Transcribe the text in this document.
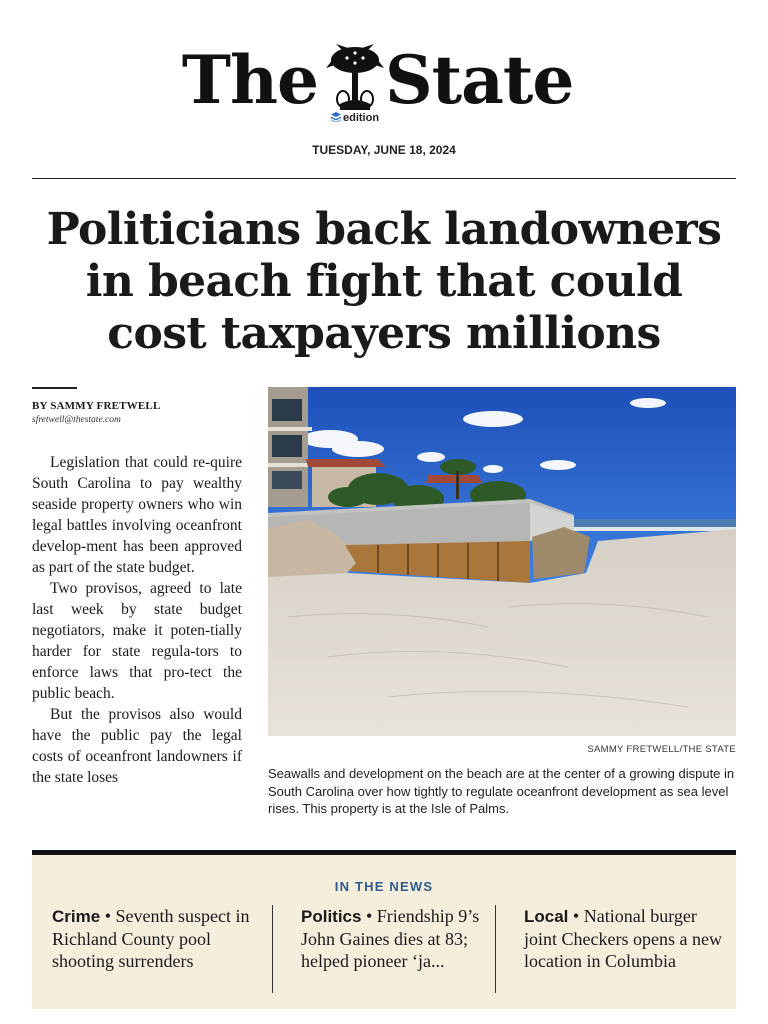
The State
edition
TUESDAY, JUNE 18, 2024
Politicians back landowners in beach fight that could cost taxpayers millions
BY SAMMY FRETWELL
sfretwell@thestate.com

Legislation that could re-quire South Carolina to pay wealthy seaside property owners who win legal battles involving oceanfront develop-ment has been approved as part of the state budget.

Two provisos, agreed to late last week by state budget negotiators, make it poten-tially harder for state regula-tors to enforce laws that pro-tect the public beach.

But the provisos also would have the public pay the legal costs of oceanfront landowners if the state loses

SAMMY FRETWELL/THE STATE

Seawalls and development on the beach are at the center of a growing dispute in South Carolina over how tightly to regulate oceanfront development as sea level rises. This property is at the Isle of Palms.

IN THE NEWS
Crime • Seventh suspect in Richland County pool shooting surrenders
Politics • Friendship 9’s John Gaines dies at 83; helped pioneer ‘ja...
Local • National burger joint Checkers opens a new location in Columbia
